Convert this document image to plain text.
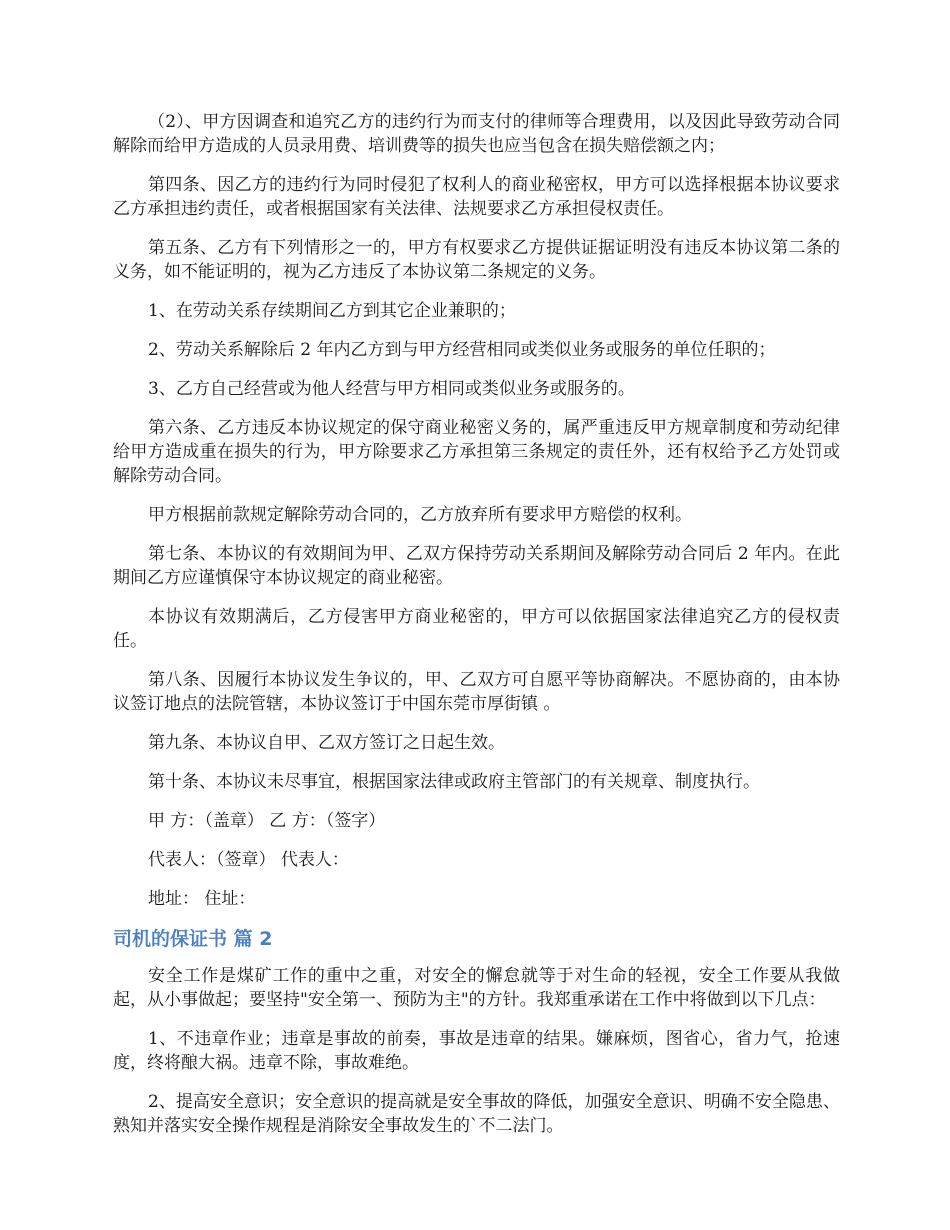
（2）、甲方因调查和追究乙方的违约行为而支付的律师等合理费用，以及因此导致劳动合同解除而给甲方造成的人员录用费、培训费等的损失也应当包含在损失赔偿额之内；

第四条、因乙方的违约行为同时侵犯了权利人的商业秘密权，甲方可以选择根据本协议要求乙方承担违约责任，或者根据国家有关法律、法规要求乙方承担侵权责任。

第五条、乙方有下列情形之一的，甲方有权要求乙方提供证据证明没有违反本协议第二条的义务，如不能证明的，视为乙方违反了本协议第二条规定的义务。

1、在劳动关系存续期间乙方到其它企业兼职的；

2、劳动关系解除后 2 年内乙方到与甲方经营相同或类似业务或服务的单位任职的；

3、乙方自己经营或为他人经营与甲方相同或类似业务或服务的。

第六条、乙方违反本协议规定的保守商业秘密义务的，属严重违反甲方规章制度和劳动纪律给甲方造成重在损失的行为，甲方除要求乙方承担第三条规定的责任外，还有权给予乙方处罚或解除劳动合同。

甲方根据前款规定解除劳动合同的，乙方放弃所有要求甲方赔偿的权利。

第七条、本协议的有效期间为甲、乙双方保持劳动关系期间及解除劳动合同后 2 年内。在此期间乙方应谨慎保守本协议规定的商业秘密。

本协议有效期满后，乙方侵害甲方商业秘密的，甲方可以依据国家法律追究乙方的侵权责任。

第八条、因履行本协议发生争议的，甲、乙双方可自愿平等协商解决。不愿协商的，由本协议签订地点的法院管辖，本协议签订于中国东莞市厚街镇 。

第九条、本协议自甲、乙双方签订之日起生效。

第十条、本协议未尽事宜，根据国家法律或政府主管部门的有关规章、制度执行。

甲 方：（盖章） 乙 方：（签字）

代表人：（签章） 代表人：

地址： 住址：

司机的保证书 篇 2

安全工作是煤矿工作的重中之重，对安全的懈怠就等于对生命的轻视，安全工作要从我做起，从小事做起；要坚持"安全第一、预防为主"的方针。我郑重承诺在工作中将做到以下几点：

1、不违章作业；违章是事故的前奏，事故是违章的结果。嫌麻烦，图省心，省力气，抢速度，终将酿大祸。违章不除，事故难绝。

2、提高安全意识；安全意识的提高就是安全事故的降低，加强安全意识、明确不安全隐患、熟知并落实安全操作规程是消除安全事故发生的`不二法门。
